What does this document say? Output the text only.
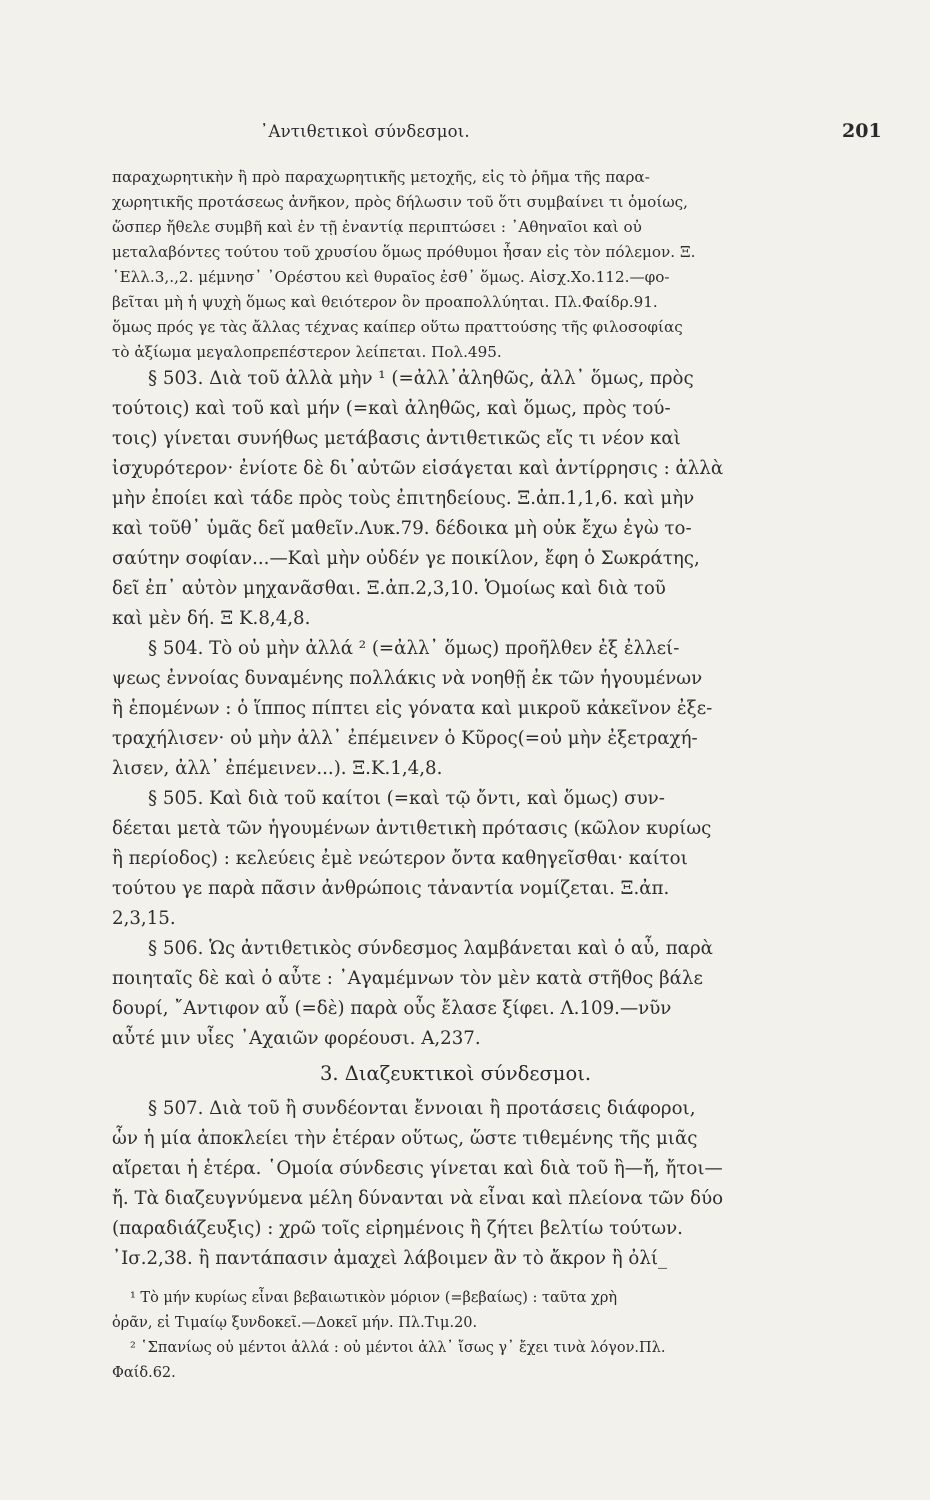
᾿Αντιθετικοὶ σύνδεσμοι.	201
παραχωρητικὴν ἢ πρὸ παραχωρητικῆς μετοχῆς, εἰς τὸ ῥῆμα τῆς παρα-
χωρητικῆς προτάσεως ἀνῆκον, πρὸς δήλωσιν τοῦ ὅτι συμβαίνει τι ὁμοίως,
ὥσπερ ἤθελε συμβῆ καὶ ἐν τῇ ἐναντίᾳ περιπτώσει : ᾿Αθηναῖοι καὶ οὐ
μεταλαβόντες τούτου τοῦ χρυσίου ὅμως πρόθυμοι ἦσαν εἰς τὸν πόλεμον. Ξ.
῾Ελλ.3,.,2. μέμνησ᾿ ᾿Ορέστου κεὶ θυραῖος ἐσθ᾿ ὅμως. Αἰσχ.Χο.112.—φο-
βεῖται μὴ ἡ ψυχὴ ὅμως καὶ θειότερον ὂν προαπολλύηται. Πλ.Φαίδρ.91.
ὅμως πρός γε τὰς ἄλλας τέχνας καίπερ οὕτω πραττούσης τῆς φιλοσοφίας
τὸ ἀξίωμα μεγαλοπρεπέστερον λείπεται. Πολ.495.
§ 503. Διὰ τοῦ ἀλλὰ μὴν ¹ (=ἀλλ᾿ἀληθῶς, ἀλλ᾿ ὅμως, πρὸς
τούτοις) καὶ τοῦ καὶ μήν (=καὶ ἀληθῶς, καὶ ὅμως, πρὸς τού-
τοις) γίνεται συνήθως μετάβασις ἀντιθετικῶς εἴς τι νέον καὶ
ἰσχυρότερον· ἐνίοτε δὲ δι᾿αὐτῶν εἰσάγεται καὶ ἀντίρρησις : ἀλλὰ
μὴν ἐποίει καὶ τάδε πρὸς τοὺς ἐπιτηδείους. Ξ.ἀπ.1,1,6. καὶ μὴν
καὶ τοῦθ᾿ ὑμᾶς δεῖ μαθεῖν.Λυκ.79. δέδοικα μὴ οὐκ ἔχω ἐγὼ το-
σαύτην σοφίαν...—Καὶ μὴν οὐδέν γε ποικίλον, ἔφη ὁ Σωκράτης,
δεῖ ἐπ᾿ αὐτὸν μηχανᾶσθαι. Ξ.ἀπ.2,3,10. Ὁμοίως καὶ διὰ τοῦ
καὶ μὲν δή. Ξ Κ.8,4,8.
§ 504. Τὸ οὐ μὴν ἀλλά ² (=ἀλλ᾿ ὅμως) προῆλθεν ἐξ ἐλλεί-
ψεως ἐννοίας δυναμένης πολλάκις νὰ νοηθῇ ἐκ τῶν ἡγουμένων
ἢ ἑπομένων : ὁ ἵππος πίπτει εἰς γόνατα καὶ μικροῦ κἀκεῖνον ἐξε-
τραχήλισεν· οὐ μὴν ἀλλ᾿ ἐπέμεινεν ὁ Κῦρος(=οὐ μὴν ἐξετραχή-
λισεν, ἀλλ᾿ ἐπέμεινεν...). Ξ.Κ.1,4,8.
§ 505. Καὶ διὰ τοῦ καίτοι (=καὶ τῷ ὄντι, καὶ ὅμως) συν-
δέεται μετὰ τῶν ἡγουμένων ἀντιθετικὴ πρότασις (κῶλον κυρίως
ἢ περίοδος) : κελεύεις ἐμὲ νεώτερον ὄντα καθηγεῖσθαι· καίτοι
τούτου γε παρὰ πᾶσιν ἀνθρώποις τἀναντία νομίζεται. Ξ.ἀπ.
2,3,15.
§ 506. Ὡς ἀντιθετικὸς σύνδεσμος λαμβάνεται καὶ ὁ αὖ, παρὰ
ποιηταῖς δὲ καὶ ὁ αὖτε : ᾿Αγαμέμνων τὸν μὲν κατὰ στῆθος βάλε
δουρί, ῎Αντιφον αὖ (=δὲ) παρὰ οὖς ἔλασε ξίφει. Λ.109.—νῦν
αὖτέ μιν υἷες ᾿Αχαιῶν φορέουσι. Α,237.
3. Διαζευκτικοὶ σύνδεσμοι.
§ 507. Διὰ τοῦ ἢ συνδέονται ἔννοιαι ἢ προτάσεις διάφοροι,
ὧν ἡ μία ἀποκλείει τὴν ἑτέραν οὕτως, ὥστε τιθεμένης τῆς μιᾶς
αἴρεται ἡ ἑτέρα. ῾Ομοία σύνδεσις γίνεται καὶ διὰ τοῦ ἢ—ἤ, ἤτοι—
ἤ. Τὰ διαζευγνύμενα μέλη δύνανται νὰ εἶναι καὶ πλείονα τῶν δύο
(παραδιάζευξις) : χρῶ τοῖς εἰρημένοις ἢ ζήτει βελτίω τούτων.
᾿Ισ.2,38. ἢ παντάπασιν ἀμαχεὶ λάβοιμεν ἂν τὸ ἄκρον ἢ ὀλί_
¹ Τὸ μήν κυρίως εἶναι βεβαιωτικὸν μόριον (=βεβαίως) : ταῦτα χρὴ
ὁρᾶν, εἰ Τιμαίῳ ξυνδοκεῖ.—Δοκεῖ μήν. Πλ.Τιμ.20.
² ῾Σπανίως οὐ μέντοι ἀλλά : οὐ μέντοι ἀλλ᾿ ἴσως γ᾿ ἔχει τινὰ λόγον.Πλ.
Φαίδ.62.
